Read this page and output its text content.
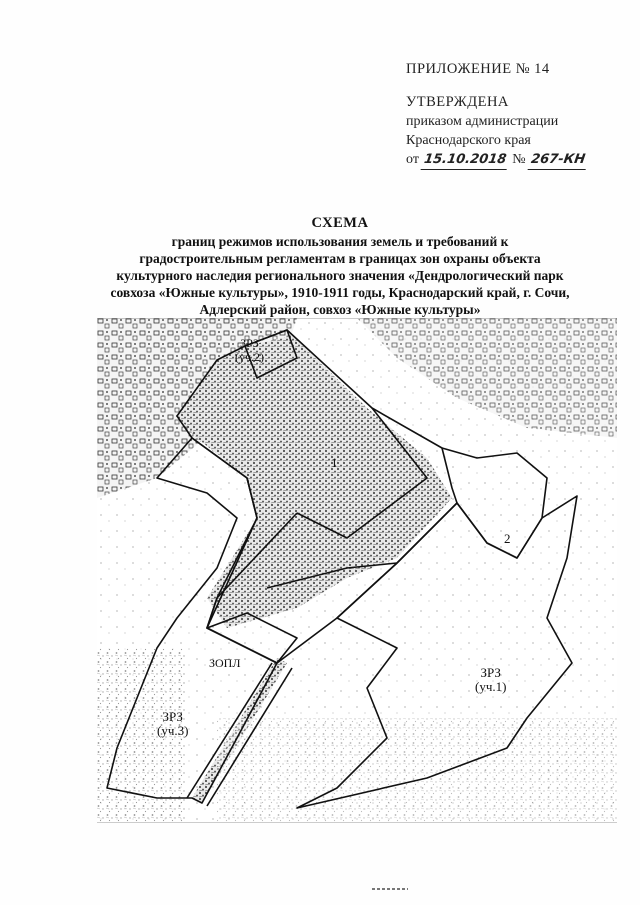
ПРИЛОЖЕНИЕ № 14
УТВЕРЖДЕНА
приказом администрации
Краснодарского края
от 15.10.2018 № 267-КН
СХЕМА
границ режимов использования земель и требований к
градостроительным регламентам в границах зон охраны объекта
культурного наследия регионального значения «Дендрологический парк
совхоза «Южные культуры», 1910-1911 годы, Краснодарский край, г. Сочи,
Адлерский район, совхоз «Южные культуры»
ЗРЗ
(уч.2)
1
2
ЗОПЛ
ЗРЗ
(уч.1)
ЗРЗ
(уч.3)
